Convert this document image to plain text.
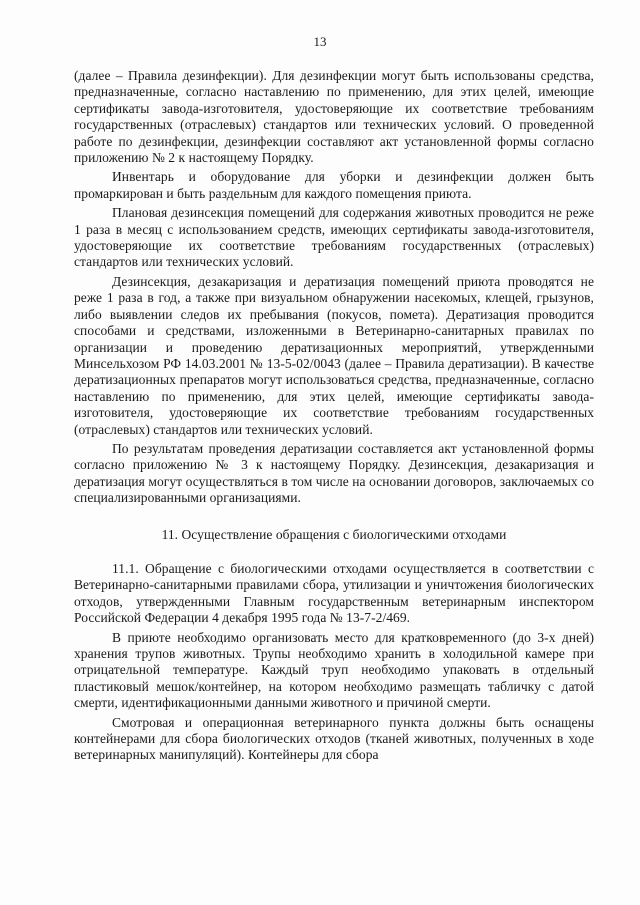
13

(далее – Правила дезинфекции). Для дезинфекции могут быть использованы средства, предназначенные, согласно наставлению по применению, для этих целей, имеющие сертификаты завода-изготовителя, удостоверяющие их соответствие требованиям государственных (отраслевых) стандартов или технических условий. О проведенной работе по дезинфекции, дезинфекции составляют акт установленной формы согласно приложению № 2 к настоящему Порядку.

Инвентарь и оборудование для уборки и дезинфекции должен быть промаркирован и быть раздельным для каждого помещения приюта.

Плановая дезинсекция помещений для содержания животных проводится не реже 1 раза в месяц с использованием средств, имеющих сертификаты завода-изготовителя, удостоверяющие их соответствие требованиям государственных (отраслевых) стандартов или технических условий.

Дезинсекция, дезакаризация и дератизация помещений приюта проводятся не реже 1 раза в год, а также при визуальном обнаружении насекомых, клещей, грызунов, либо выявлении следов их пребывания (покусов, помета). Дератизация проводится способами и средствами, изложенными в Ветеринарно-санитарных правилах по организации и проведению дератизационных мероприятий, утвержденными Минсельхозом РФ 14.03.2001 № 13-5-02/0043 (далее – Правила дератизации). В качестве дератизационных препаратов могут использоваться средства, предназначенные, согласно наставлению по применению, для этих целей, имеющие сертификаты завода-изготовителя, удостоверяющие их соответствие требованиям государственных (отраслевых) стандартов или технических условий.

По результатам проведения дератизации составляется акт установленной формы согласно приложению № 3 к настоящему Порядку. Дезинсекция, дезакаризация и дератизация могут осуществляться в том числе на основании договоров, заключаемых со специализированными организациями.

11. Осуществление обращения с биологическими отходами

11.1. Обращение с биологическими отходами осуществляется в соответствии с Ветеринарно-санитарными правилами сбора, утилизации и уничтожения биологических отходов, утвержденными Главным государственным ветеринарным инспектором Российской Федерации 4 декабря 1995 года № 13-7-2/469.

В приюте необходимо организовать место для кратковременного (до 3-х дней) хранения трупов животных. Трупы необходимо хранить в холодильной камере при отрицательной температуре. Каждый труп необходимо упаковать в отдельный пластиковый мешок/контейнер, на котором необходимо размещать табличку с датой смерти, идентификационными данными животного и причиной смерти.

Смотровая и операционная ветеринарного пункта должны быть оснащены контейнерами для сбора биологических отходов (тканей животных, полученных в ходе ветеринарных манипуляций). Контейнеры для сбора
